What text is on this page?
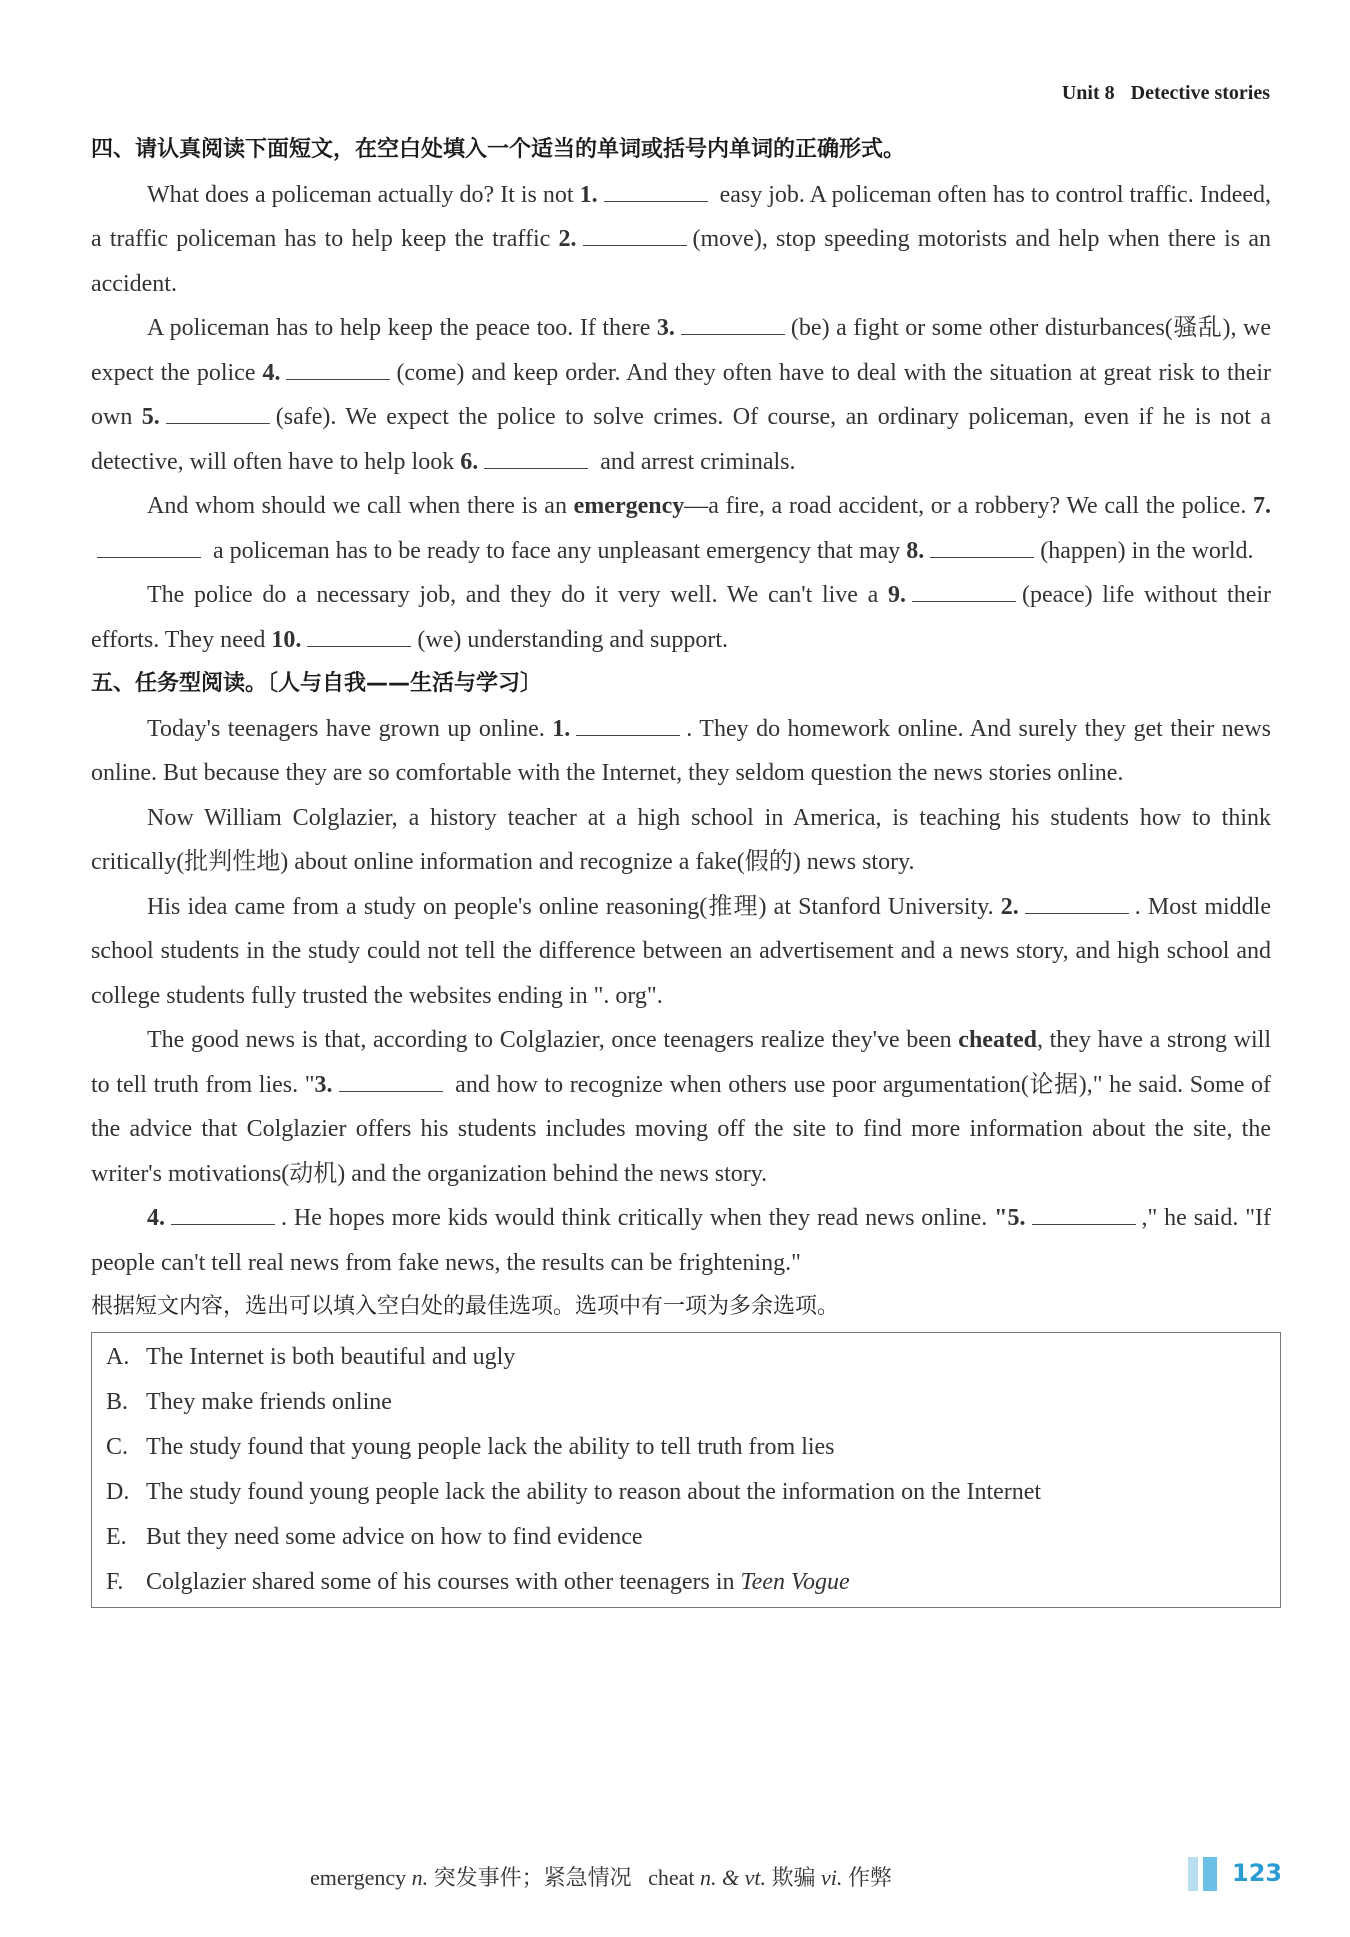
Unit 8 Detective stories

四、请认真阅读下面短文，在空白处填入一个适当的单词或括号内单词的正确形式。

What does a policeman actually do? It is not 1.	easy job. A policeman often has to control traffic. Indeed, a traffic policeman has to help keep the traffic 2.	(move), stop speeding motorists and help when there is an accident.

A policeman has to help keep the peace too. If there 3.	(be) a fight or some other disturbances(骚乱), we expect the police 4.	(come) and keep order. And they often have to deal with the situation at great risk to their own 5.	(safe). We expect the police to solve crimes. Of course, an ordinary policeman, even if he is not a detective, will often have to help look 6.	and arrest criminals.

And whom should we call when there is an emergency—a fire, a road accident, or a robbery? We call the police. 7. a policeman has to be ready to face any unpleasant emergency that may 8.	(happen) in the world.

The police do a necessary job, and they do it very well. We can't live a 9.	(peace) life without their efforts. They need 10.	(we) understanding and support.

五、任务型阅读。〔人与自我——生活与学习〕

Today's teenagers have grown up online. 1.	. They do homework online. And surely they get their news online. But because they are so comfortable with the Internet, they seldom question the news stories online.

Now William Colglazier, a history teacher at a high school in America, is teaching his students how to think critically(批判性地) about online information and recognize a fake(假的) news story.

His idea came from a study on people's online reasoning(推理) at Stanford University. 2.	. Most middle school students in the study could not tell the difference between an advertisement and a news story, and high school and college students fully trusted the websites ending in ". org".

The good news is that, according to Colglazier, once teenagers realize they've been cheated, they have a strong will to tell truth from lies. "3.	and how to recognize when others use poor argumentation(论据)," he said. Some of the advice that Colglazier offers his students includes moving off the site to find more information about the site, the writer's motivations(动机) and the organization behind the news story.

4.	. He hopes more kids would think critically when they read news online. "5.	," he said. "If people can't tell real news from fake news, the results can be frightening."

根据短文内容，选出可以填入空白处的最佳选项。选项中有一项为多余选项。

A. The Internet is both beautiful and ugly
B. They make friends online
C. The study found that young people lack the ability to tell truth from lies
D. The study found young people lack the ability to reason about the information on the Internet
E. But they need some advice on how to find evidence
F. Colglazier shared some of his courses with other teenagers in Teen Vogue
emergency n. 突发事件；紧急情况 cheat n. & vt. 欺骗 vi. 作弊	123
